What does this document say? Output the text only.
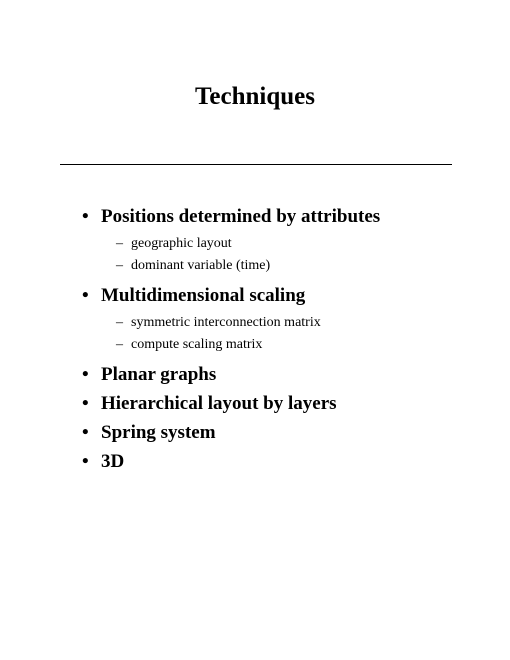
Techniques
• Positions determined by attributes
– geographic layout
– dominant variable (time)
• Multidimensional scaling
– symmetric interconnection matrix
– compute scaling matrix
• Planar graphs
• Hierarchical layout by layers
• Spring system
• 3D
